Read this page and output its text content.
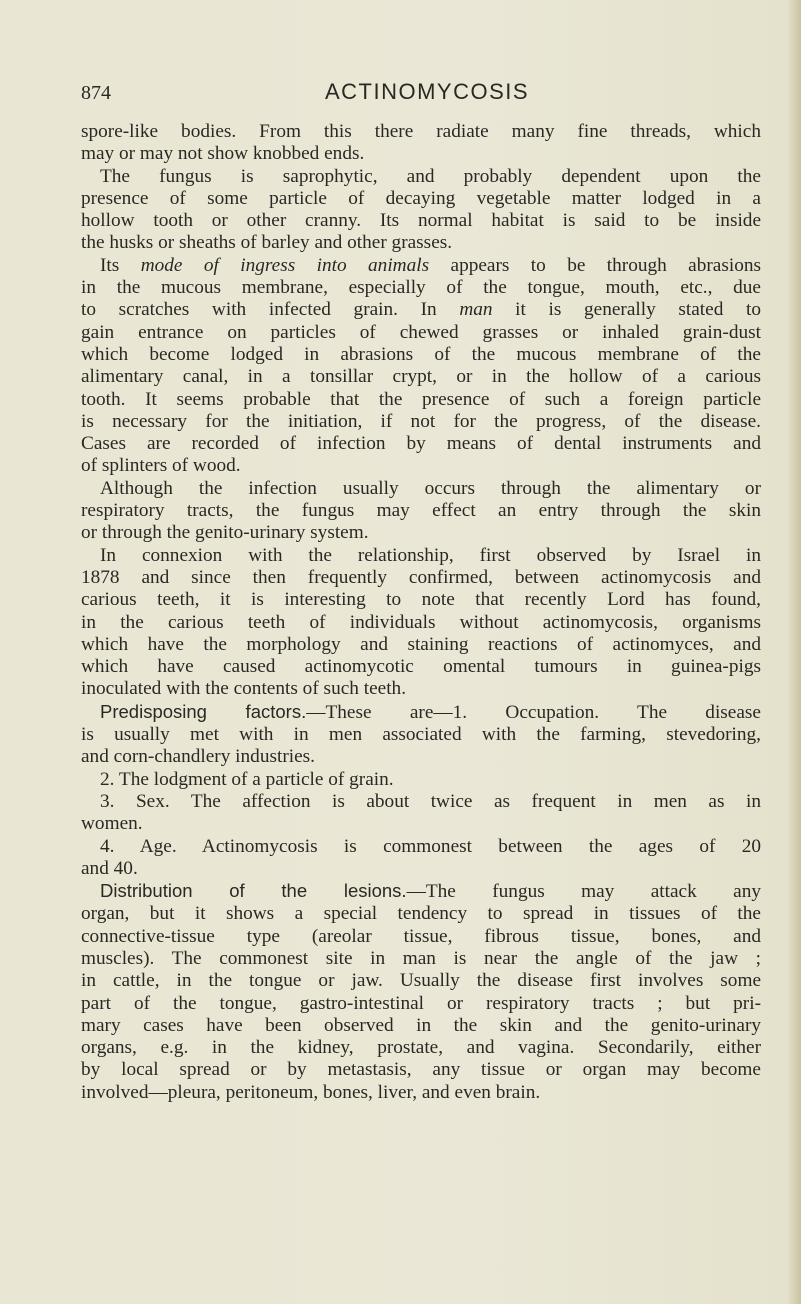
874	ACTINOMYCOSIS
spore-like bodies. From this there radiate many fine threads, which
may or may not show knobbed ends.
The fungus is saprophytic, and probably dependent upon the
presence of some particle of decaying vegetable matter lodged in a
hollow tooth or other cranny. Its normal habitat is said to be inside
the husks or sheaths of barley and other grasses.
Its mode of ingress into animals appears to be through abrasions
in the mucous membrane, especially of the tongue, mouth, etc., due
to scratches with infected grain. In man it is generally stated to
gain entrance on particles of chewed grasses or inhaled grain-dust
which become lodged in abrasions of the mucous membrane of the
alimentary canal, in a tonsillar crypt, or in the hollow of a carious
tooth. It seems probable that the presence of such a foreign particle
is necessary for the initiation, if not for the progress, of the disease.
Cases are recorded of infection by means of dental instruments and
of splinters of wood.
Although the infection usually occurs through the alimentary or
respiratory tracts, the fungus may effect an entry through the skin
or through the genito-urinary system.
In connexion with the relationship, first observed by Israel in
1878 and since then frequently confirmed, between actinomycosis and
carious teeth, it is interesting to note that recently Lord has found,
in the carious teeth of individuals without actinomycosis, organisms
which have the morphology and staining reactions of actinomyces, and
which have caused actinomycotic omental tumours in guinea-pigs
inoculated with the contents of such teeth.
Predisposing factors.—These are—1. Occupation. The disease
is usually met with in men associated with the farming, stevedoring,
and corn-chandlery industries.
2. The lodgment of a particle of grain.
3. Sex. The affection is about twice as frequent in men as in
women.
4. Age. Actinomycosis is commonest between the ages of 20
and 40.
Distribution of the lesions.—The fungus may attack any
organ, but it shows a special tendency to spread in tissues of the
connective-tissue type (areolar tissue, fibrous tissue, bones, and
muscles). The commonest site in man is near the angle of the jaw ;
in cattle, in the tongue or jaw. Usually the disease first involves some
part of the tongue, gastro-intestinal or respiratory tracts ; but pri-
mary cases have been observed in the skin and the genito-urinary
organs, e.g. in the kidney, prostate, and vagina. Secondarily, either
by local spread or by metastasis, any tissue or organ may become
involved—pleura, peritoneum, bones, liver, and even brain.
